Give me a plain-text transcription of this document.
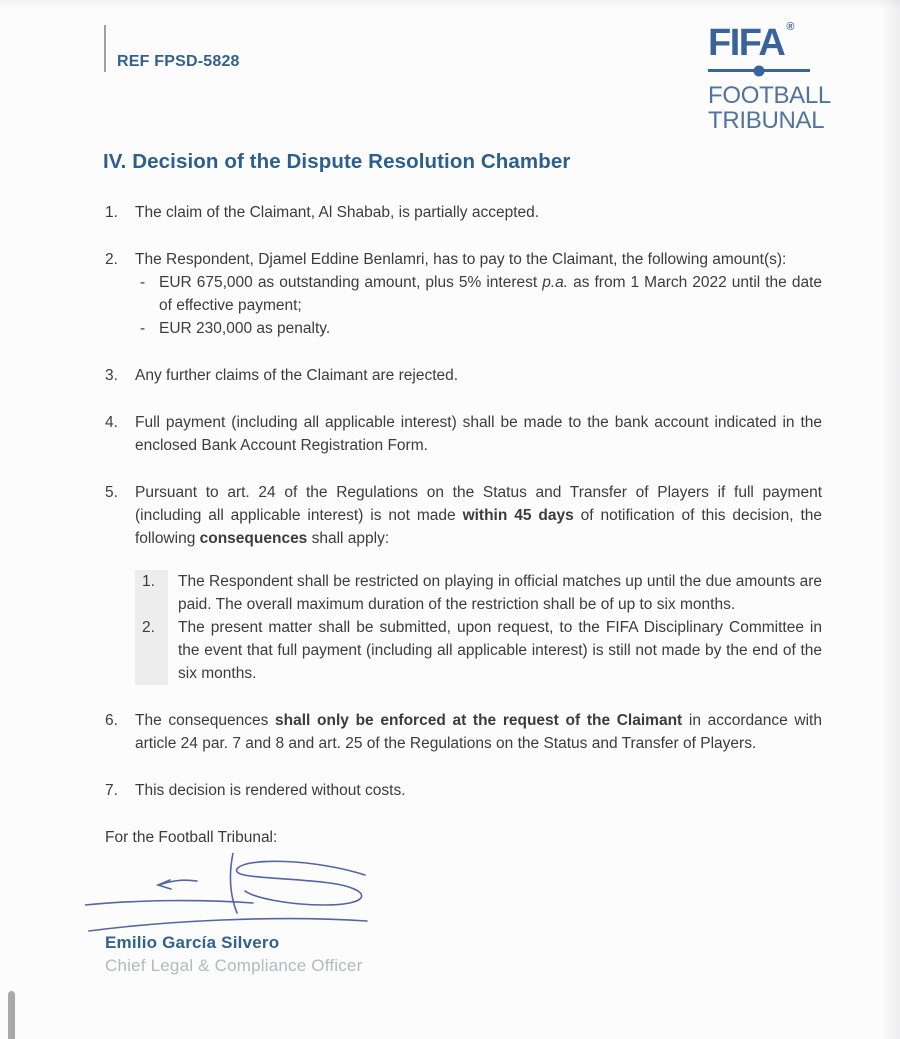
REF FPSD-5828	FIFA ®
FOOTBALL
TRIBUNAL
IV. Decision of the Dispute Resolution Chamber
1.	The claim of the Claimant, Al Shabab, is partially accepted.

2.	The Respondent, Djamel Eddine Benlamri, has to pay to the Claimant, the following amount(s):

- EUR 675,000 as outstanding amount, plus 5% interest p.a. as from 1 March 2022 until the date of effective payment;

- EUR 230,000 as penalty.

3.	Any further claims of the Claimant are rejected.

4.	Full payment (including all applicable interest) shall be made to the bank account indicated in the enclosed Bank Account Registration Form.

5.	Pursuant to art. 24 of the Regulations on the Status and Transfer of Players if full payment (including all applicable interest) is not made within 45 days of notification of this decision, the following consequences shall apply:

1.	The Respondent shall be restricted on playing in official matches up until the due amounts are paid. The overall maximum duration of the restriction shall be of up to six months.

2.	The present matter shall be submitted, upon request, to the FIFA Disciplinary Committee in the event that full payment (including all applicable interest) is still not made by the end of the six months.

6.	The consequences shall only be enforced at the request of the Claimant in accordance with article 24 par. 7 and 8 and art. 25 of the Regulations on the Status and Transfer of Players.

7.	This decision is rendered without costs.

For the Football Tribunal:

Emilio García Silvero

Chief Legal & Compliance Officer
